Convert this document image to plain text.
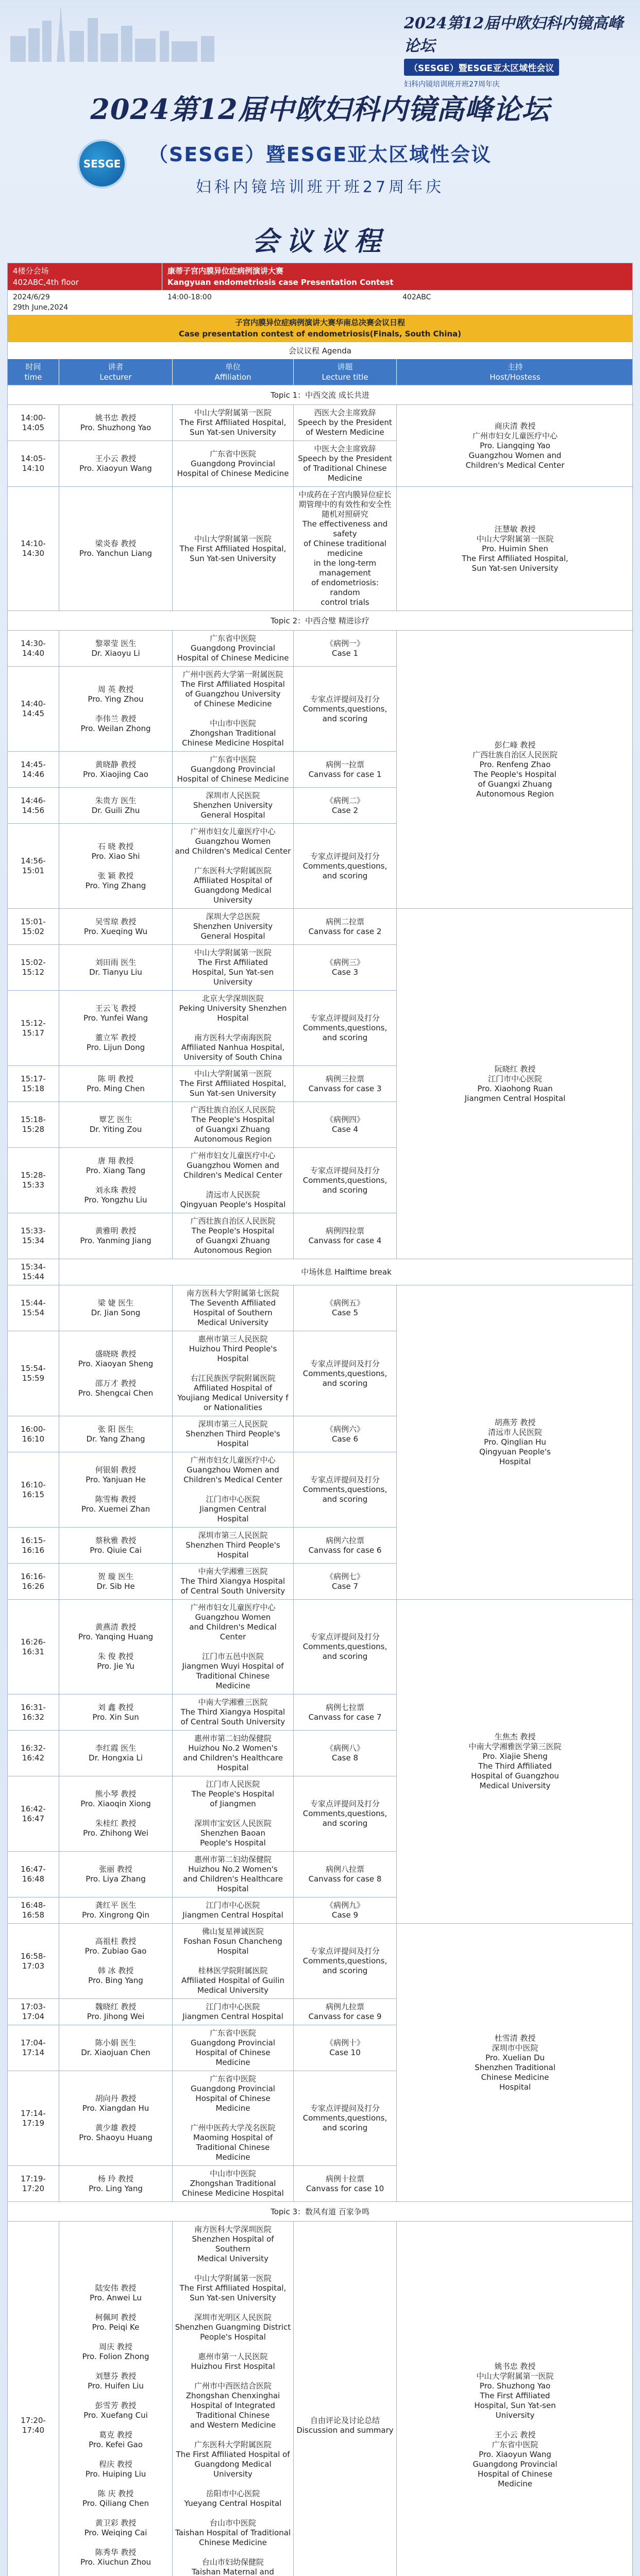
2024第12届中欧妇科内镜高峰论坛
（SESGE）暨ESGE亚太区域性会议
妇科内镜培训班开班27周年庆
2024第12届中欧妇科内镜高峰论坛
SESGE	（SESGE）暨ESGE亚太区域性会议
妇科内镜培训班开班27周年庆
会议议程
4楼分会场
402ABC,4th floor
康蒂子宫内膜异位症病例演讲大赛
Kangyuan endometriosis case Presentation Contest
2024/6/29
29th June,2024
14:00-18:00	402ABC
子宫内膜异位症病例演讲大赛华南总决赛会议日程
Case presentation contest of endometriosis(Finals, South China)
会议议程 Agenda
时间
time
讲者
Lecturer
单位
Affiliation
讲题
Lecture title
主持
Host/Hostess
Topic 1：中西交流 成长共进
14:00-14:05
姚书忠 教授
Pro. Shuzhong Yao
中山大学附属第一医院
The First Affiliated Hospital,
Sun Yat-sen University
西医大会主席致辞
Speech by the President
of Western Medicine
商庆清 教授
广州市妇女儿童医疗中心
Pro. Liangqing Yao
Guangzhou Women and
Children's Medical Center
14:05-14:10
王小云 教授
Pro. Xiaoyun Wang
广东省中医院
Guangdong Provincial
Hospital of Chinese Medicine
中医大会主席致辞
Speech by the President
of Traditional Chinese Medicine
14:10-14:30
梁炎春 教授
Pro. Yanchun Liang
中山大学附属第一医院
The First Affiliated Hospital,
Sun Yat-sen University
中成药在子宫内膜异位症长期管理中的有效性和安全性随机对照研究
The effectiveness and safety
of Chinese traditional medicine
in the long-term management
of endometriosis: random
control trials
汪慧敏 教授
中山大学附属第一医院
Pro. Huimin Shen
The First Affiliated Hospital,
Sun Yat-sen University
Topic 2：中西合璧 精进诊疗
14:30-14:40
黎翠莹 医生
Dr. Xiaoyu Li
广东省中医院
Guangdong Provincial
Hospital of Chinese Medicine
《病例一》
Case 1
彭仁峰 教授
广西壮族自治区人民医院
Pro. Renfeng Zhao
The People's Hospital
of Guangxi Zhuang
Autonomous Region
14:40-14:45
周 英 教授
Pro. Ying Zhou

李伟兰 教授
Pro. Weilan Zhong
广州中医药大学第一附属医院
The First Affiliated Hospital
of Guangzhou University
of Chinese Medicine

中山市中医院
Zhongshan Traditional
Chinese Medicine Hospital
专家点评提问及打分
Comments,questions,
and scoring
14:45-14:46
黄晓静 教授
Pro. Xiaojing Cao
广东省中医院
Guangdong Provincial
Hospital of Chinese Medicine
病例一拉票
Canvass for case 1
14:46-14:56
朱贵方 医生
Dr. Guili Zhu
深圳市人民医院
Shenzhen University
General Hospital
《病例二》
Case 2
14:56-15:01
石 晓 教授
Pro. Xiao Shi

张 颖 教授
Pro. Ying Zhang
广州市妇女儿童医疗中心
Guangzhou Women
and Children's Medical Center

广东医科大学附属医院
Affiliated Hospital of
Guangdong Medical University
专家点评提问及打分
Comments,questions,
and scoring
15:01-15:02
吴雪琼 教授
Pro. Xueqing Wu
深圳大学总医院
Shenzhen University
General Hospital
病例二拉票
Canvass for case 2
阮晓红 教授
江门市中心医院
Pro. Xiaohong Ruan
Jiangmen Central Hospital
15:02-15:12
刘田雨 医生
Dr. Tianyu Liu
中山大学附属第一医院
The First Affiliated
Hospital, Sun Yat-sen
University
《病例三》
Case 3
15:12-15:17
王云飞 教授
Pro. Yunfei Wang

董立军 教授
Pro. Lijun Dong
北京大学深圳医院
Peking University Shenzhen
Hospital

南方医科大学南海医院
Affiliated Nanhua Hospital,
University of South China
专家点评提问及打分
Comments,questions,
and scoring
15:17-15:18
陈 明 教授
Pro. Ming Chen
中山大学附属第一医院
The First Affiliated Hospital,
Sun Yat-sen University
病例三拉票
Canvass for case 3
15:18-15:28
覃艺 医生
Dr. Yiting Zou
广西壮族自治区人民医院
The People's Hospital
of Guangxi Zhuang
Autonomous Region
《病例四》
Case 4
15:28-15:33
唐 翔 教授
Pro. Xiang Tang

刘永珠 教授
Pro. Yongzhu Liu
广州市妇女儿童医疗中心
Guangzhou Women and
Children's Medical Center

清远市人民医院
Qingyuan People's Hospital
专家点评提问及打分
Comments,questions,
and scoring
15:33-15:34
黄雅明 教授
Pro. Yanming Jiang
广西壮族自治区人民医院
The People's Hospital
of Guangxi Zhuang
Autonomous Region
病例四拉票
Canvass for case 4
15:34-15:44
中场休息 Halftime break
15:44-15:54
梁 婕 医生
Dr. Jian Song
南方医科大学附属第七医院
The Seventh Affiliated
Hospital of Southern
Medical University
《病例五》
Case 5
胡燕芳 教授
清远市人民医院
Pro. Qinglian Hu
Qingyuan People's
Hospital
15:54-15:59
盛晓晓 教授
Pro. Xiaoyan Sheng

邵万才 教授
Pro. Shengcai Chen
惠州市第三人民医院
Huizhou Third People's
Hospital

右江民族医学院附属医院
Affiliated Hospital of
Youjiang Medical University f
or Nationalities
专家点评提问及打分
Comments,questions,
and scoring
16:00-16:10
张 阳 医生
Dr. Yang Zhang
深圳市第三人民医院
Shenzhen Third People's
Hospital
《病例六》
Case 6
16:10-16:15
何银娟 教授
Pro. Yanjuan He

陈雪梅 教授
Pro. Xuemei Zhan
广州市妇女儿童医疗中心
Guangzhou Women and
Children's Medical Center

江门市中心医院
Jiangmen Central
Hospital
专家点评提问及打分
Comments,questions,
and scoring
16:15-16:16
蔡秋雅 教授
Pro. Qiuie Cai
深圳市第三人民医院
Shenzhen Third People's
Hospital
病例六拉票
Canvass for case 6
16:16-16:26
贺 璇 医生
Dr. Sib He
中南大学湘雅三医院
The Third Xiangya Hospital
of Central South University
《病例七》
Case 7
16:26-16:31
黄燕清 教授
Pro. Yanqing Huang

朱 俊 教授
Pro. Jie Yu
广州市妇女儿童医疗中心
Guangzhou Women
and Children's Medical
Center

江门市五邑中医院
Jiangmen Wuyi Hospital of
Traditional Chinese
Medicine
专家点评提问及打分
Comments,questions,
and scoring
生焦杰 教授
中南大学湘雅医学第三医院
Pro. Xiajie Sheng
The Third Affiliated
Hospital of Guangzhou
Medical University
16:31-16:32
刘 鑫 教授
Pro. Xin Sun
中南大学湘雅三医院
The Third Xiangya Hospital
of Central South University
病例七拉票
Canvass for case 7
16:32-16:42
李红霞 医生
Dr. Hongxia Li
惠州市第二妇幼保健院
Huizhou No.2 Women's
and Children's Healthcare
Hospital
《病例八》
Case 8
16:42-16:47
熊小琴 教授
Pro. Xiaoqin Xiong

朱桂红 教授
Pro. Zhihong Wei
江门市人民医院
The People's Hospital
of Jiangmen

深圳市宝安区人民医院
Shenzhen Baoan
People's Hospital
专家点评提问及打分
Comments,questions,
and scoring
16:47-16:48
张丽 教授
Pro. Liya Zhang
惠州市第二妇幼保健院
Huizhou No.2 Women's
and Children's Healthcare
Hospital
病例八拉票
Canvass for case 8
16:48-16:58
龚红平 医生
Pro. Xingrong Qin
江门市中心医院
Jiangmen Central Hospital
《病例九》
Case 9
16:58-17:03
高祖柱 教授
Pro. Zubiao Gao

韩 冰 教授
Pro. Bing Yang
佛山复星禅诚医院
Foshan Fosun Chancheng
Hospital

桂林医学院附属医院
Affiliated Hospital of Guilin
Medical University
专家点评提问及打分
Comments,questions,
and scoring
杜雪清 教授
深圳市中医院
Pro. Xuelian Du
Shenzhen Traditional
Chinese Medicine
Hospital
17:03-17:04
魏晓红 教授
Pro. Jihong Wei
江门市中心医院
Jiangmen Central Hospital
病例九拉票
Canvass for case 9
17:04-17:14
陈小娟 医生
Dr. Xiaojuan Chen
广东省中医院
Guangdong Provincial
Hospital of Chinese
Medicine
《病例十》
Case 10
17:14-17:19
胡向丹 教授
Pro. Xiangdan Hu

黄少雄 教授
Pro. Shaoyu Huang
广东省中医院
Guangdong Provincial
Hospital of Chinese
Medicine

广州中医药大学茂名医院
Maoming Hospital of
Traditional Chinese
Medicine
专家点评提问及打分
Comments,questions,
and scoring
17:19-17:20
杨 玲 教授
Pro. Ling Yang
中山市中医院
Zhongshan Traditional
Chinese Medicine Hospital
病例十拉票
Canvass for case 10
Topic 3：数风有道 百家争鸣
17:20-17:40
陆安伟 教授
Pro. Anwei Lu

柯佩珂 教授
Pro. Peiqi Ke

周庆 教授
Pro. Folion Zhong

刘慧芬 教授
Pro. Huifen Liu

彭雪芳 教授
Pro. Xuefang Cui

葛克 教授
Pro. Kefei Gao

程庆 教授
Pro. Huiping Liu

陈 庆 教授
Pro. Qiliang Chen

黄卫彩 教授
Pro. Weiqing Cai

陈秀华 教授
Pro. Xiuchun Zhou
南方医科大学深圳医院
Shenzhen Hospital of Southern
Medical University

中山大学附属第一医院
The First Affiliated Hospital,
Sun Yat-sen University

深圳市光明区人民医院
Shenzhen Guangming District
People's Hospital

惠州市第一人民医院
Huizhou First Hospital

广州市中西医结合医院
Zhongshan Chenxinghai
Hospital of Integrated
Traditional Chinese
and Western Medicine

广东医科大学附属医院
The First Affiliated Hospital of
Guangdong Medical University

岳阳市中心医院
Yueyang Central Hospital

台山市中医院
Taishan Hospital of Traditional
Chinese Medicine

台山市妇幼保健院
Taishan Maternal and

自由评论及讨论总结
Discussion and summary
姚书忠 教授
中山大学附属第一医院
Pro. Shuzhong Yao
The First Affiliated
Hospital, Sun Yat-sen
University

王小云 教授
广东省中医院
Pro. Xiaoyun Wang
Guangdong Provincial
Hospital of Chinese
Medicine
